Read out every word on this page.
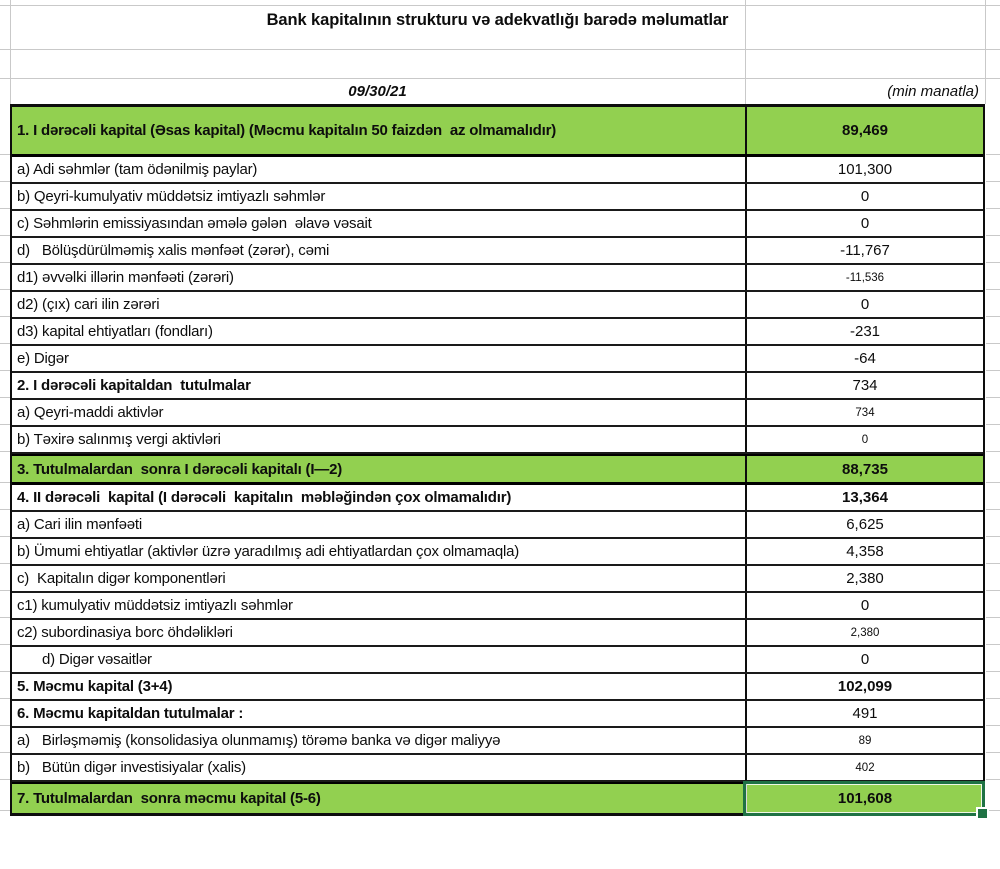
Bank kapitalının strukturu və adekvatlığı barədə məlumatlar
09/30/21	(min manatla)
1. I dərəcəli kapital (Əsas kapital) (Məcmu kapitalın 50 faizdən  az olmamalıdır)	89,469
a) Adi səhmlər (tam ödənilmiş paylar)	101,300
b) Qeyri-kumulyativ müddətsiz imtiyazlı səhmlər	0
c) Səhmlərin emissiyasından əmələ gələn  əlavə vəsait	0
d)   Bölüşdürülməmiş xalis mənfəət (zərər), cəmi	-11,767
d1) əvvəlki illərin mənfəəti (zərəri)	-11,536
d2) (çıx) cari ilin zərəri	0
d3) kapital ehtiyatları (fondları)	-231
e) Digər	-64
2. I dərəcəli kapitaldan  tutulmalar	734
a) Qeyri-maddi aktivlər	734
b) Təxirə salınmış vergi aktivləri	0
3. Tutulmalardan  sonra I dərəcəli kapitalı (I—2)	88,735
4. II dərəcəli  kapital (I dərəcəli  kapitalın  məbləğindən çox olmamalıdır)	13,364
a) Cari ilin mənfəəti	6,625
b) Ümumi ehtiyatlar (aktivlər üzrə yaradılmış adi ehtiyatlardan çox olmamaqla)	4,358
c)  Kapitalın digər komponentləri	2,380
c1) kumulyativ müddətsiz imtiyazlı səhmlər	0
c2) subordinasiya borc öhdəlikləri	2,380
d) Digər vəsaitlər	0
5. Məcmu kapital (3+4)	102,099
6. Məcmu kapitaldan tutulmalar :	491
a)   Birləşməmiş (konsolidasiya olunmamış) törəmə banka və digər maliyyə	89
b)   Bütün digər investisiyalar (xalis)	402
7. Tutulmalardan  sonra məcmu kapital (5-6)	101,608
